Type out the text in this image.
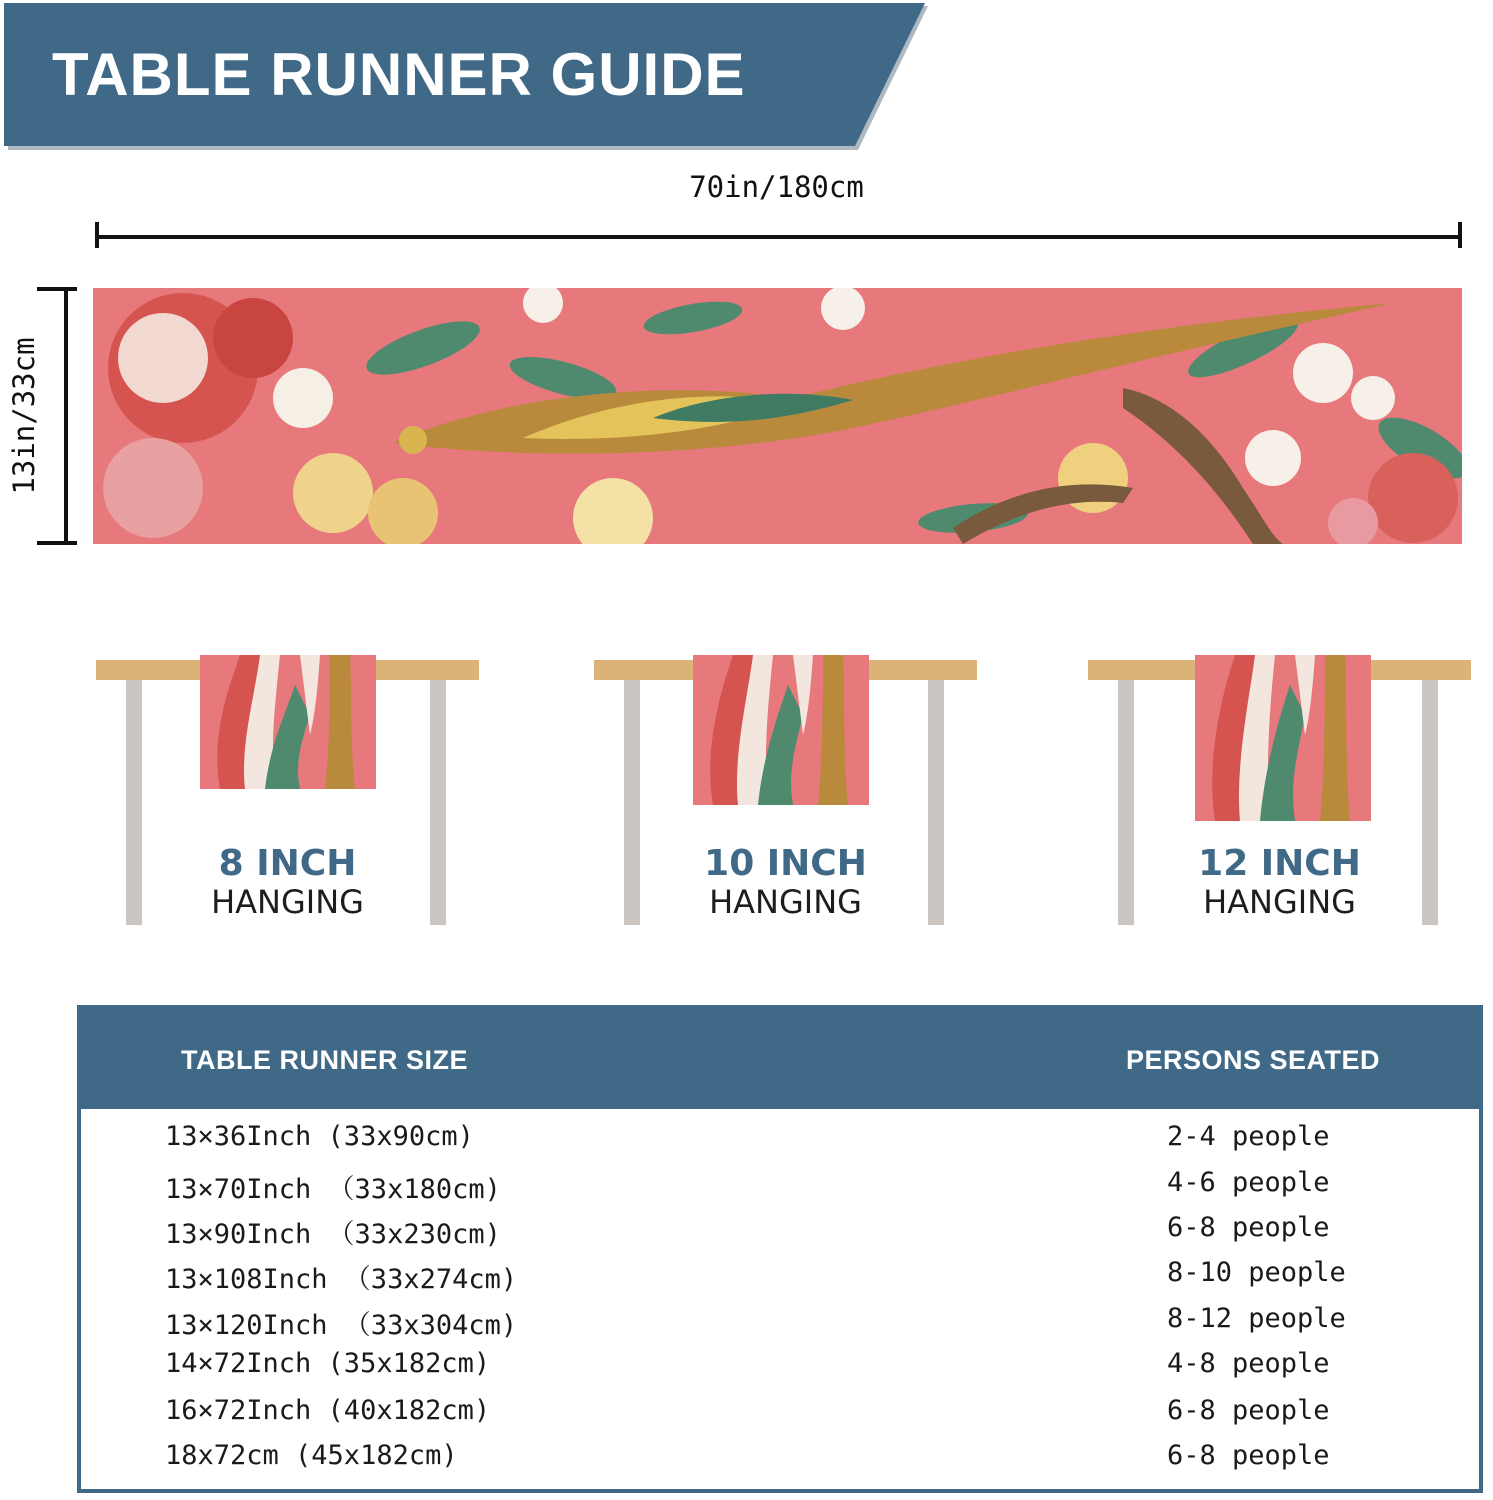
TABLE RUNNER GUIDE
70in/180cm
13in/33cm
8 INCH
HANGING
10 INCH
HANGING
12 INCH
HANGING
TABLE RUNNER SIZE	PERSONS SEATED
13×36Inch (33x90cm)	2-4 people
13×70Inch （33x180cm)	4-6 people
13×90Inch （33x230cm)	6-8 people
13×108Inch （33x274cm)	8-10 people
13×120Inch （33x304cm)	8-12 people
14×72Inch (35x182cm)	4-8 people
16×72Inch (40x182cm)	6-8 people
18x72cm (45x182cm)	6-8 people
